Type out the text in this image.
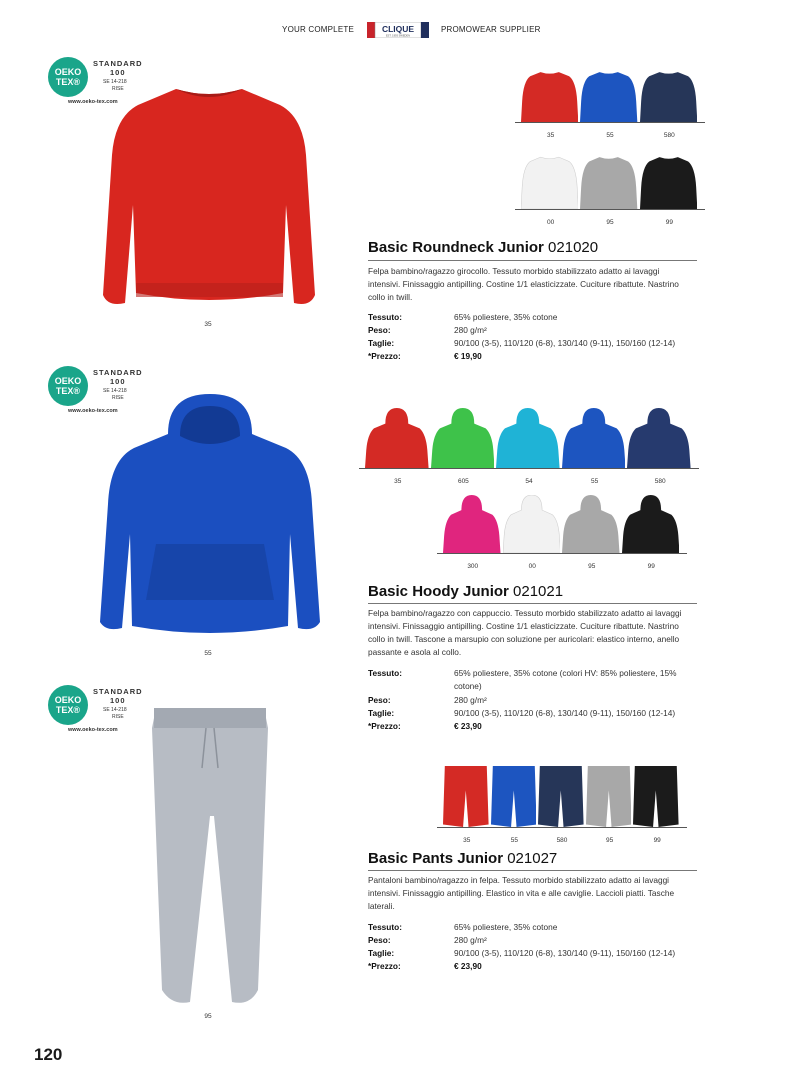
YOUR COMPLETE	CLIQUE
EST. 1993 SWEDEN
PROMOWEAR SUPPLIER
OEKO
TEX®
STANDARD
100
SE 14-218
RISE
www.oeko-tex.com
OEKO
TEX®
STANDARD
100
SE 14-218
RISE
www.oeko-tex.com
OEKO
TEX®
STANDARD
100
SE 14-218
RISE
www.oeko-tex.com
35
55
95
35	55	580
00	95	99
35	605	54	55	580
300	00	95	99
35	55	580	95	99
Basic Roundneck Junior 021020
Felpa bambino/ragazzo girocollo. Tessuto morbido stabilizzato adatto ai lavaggi
intensivi. Finissaggio antipilling. Costine 1/1 elasticizzate. Cuciture ribattute. Nastrino
collo in twill.
Tessuto:	65% poliestere, 35% cotone
Peso:	280 g/m²
Taglie:	90/100 (3-5), 110/120 (6-8), 130/140 (9-11), 150/160 (12-14)
*Prezzo:	€ 19,90
Basic Hoody Junior 021021
Felpa bambino/ragazzo con cappuccio. Tessuto morbido stabilizzato adatto ai lavaggi
intensivi. Finissaggio antipilling. Costine 1/1 elasticizzate. Cuciture ribattute. Nastrino
collo in twill. Tascone a marsupio con soluzione per auricolari: elastico interno, anello
passante e asola al collo.
Tessuto:	65% poliestere, 35% cotone (colori HV: 85% poliestere, 15%
cotone)
Peso:	280 g/m²
Taglie:	90/100 (3-5), 110/120 (6-8), 130/140 (9-11), 150/160 (12-14)
*Prezzo:	€ 23,90
Basic Pants Junior 021027
Pantaloni bambino/ragazzo in felpa. Tessuto morbido stabilizzato adatto ai lavaggi
intensivi. Finissaggio antipilling. Elastico in vita e alle caviglie. Laccioli piatti. Tasche
laterali.
Tessuto:	65% poliestere, 35% cotone
Peso:	280 g/m²
Taglie:	90/100 (3-5), 110/120 (6-8), 130/140 (9-11), 150/160 (12-14)
*Prezzo:	€ 23,90
120
